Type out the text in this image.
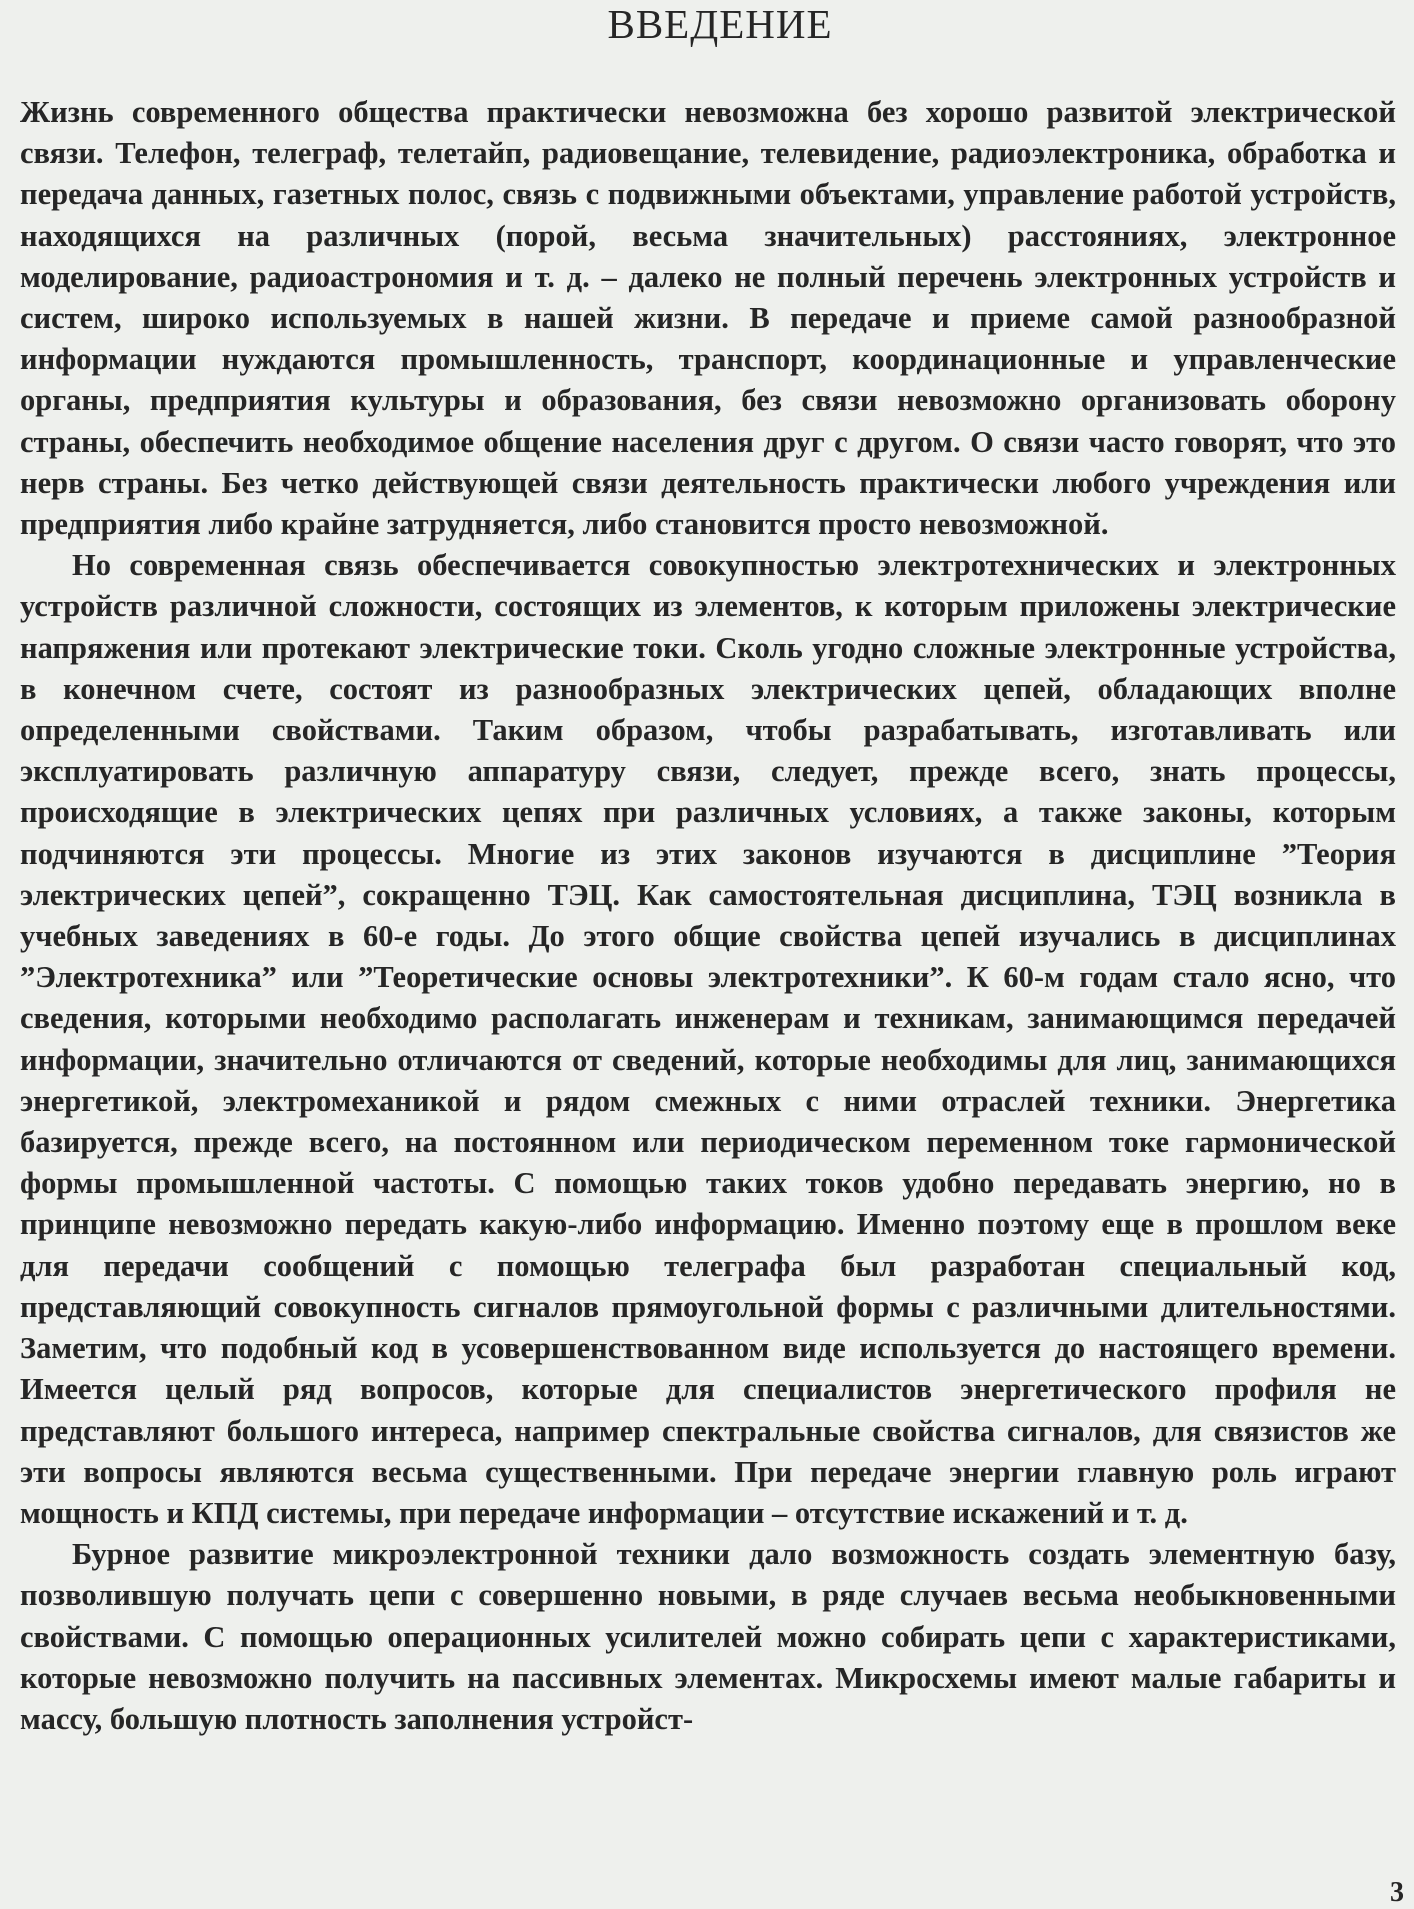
ВВЕДЕНИЕ

Жизнь современного общества практически невозможна без хорошо развитой электрической связи. Телефон, телеграф, телетайп, радиовещание, телевидение, радиоэлектроника, обработка и передача данных, газетных полос, связь с подвижными объектами, управление работой устройств, находящихся на различных (порой, весьма значительных) расстояниях, электронное моделирование, радиоастрономия и т. д. – далеко не полный перечень электронных устройств и систем, широко используемых в нашей жизни. В передаче и приеме самой разнообразной информации нуждаются промышленность, транспорт, координационные и управленческие органы, предприятия культуры и образования, без связи невозможно организовать оборону страны, обеспечить необходимое общение населения друг с другом. О связи часто говорят, что это нерв страны. Без четко действующей связи деятельность практически любого учреждения или предприятия либо крайне затрудняется, либо становится просто невозможной.

Но современная связь обеспечивается совокупностью электротехнических и электронных устройств различной сложности, состоящих из элементов, к которым приложены электрические напряжения или протекают электрические токи. Сколь угодно сложные электронные устройства, в конечном счете, состоят из разнообразных электрических цепей, обладающих вполне определенными свойствами. Таким образом, чтобы разрабатывать, изготавливать или эксплуатировать различную аппаратуру связи, следует, прежде всего, знать процессы, происходящие в электрических цепях при различных условиях, а также законы, которым подчиняются эти процессы. Многие из этих законов изучаются в дисциплине ”Теория электрических цепей”, сокращенно ТЭЦ. Как самостоятельная дисциплина, ТЭЦ возникла в учебных заведениях в 60-е годы. До этого общие свойства цепей изучались в дисциплинах ”Электротехника” или ”Теоретические основы электротехники”. К 60-м годам стало ясно, что сведения, которыми необходимо располагать инженерам и техникам, занимающимся передачей информации, значительно отличаются от сведений, которые необходимы для лиц, занимающихся энергетикой, электромеханикой и рядом смежных с ними отраслей техники. Энергетика базируется, прежде всего, на постоянном или периодическом переменном токе гармонической формы промышленной частоты. С помощью таких токов удобно передавать энергию, но в принципе невозможно передать какую-либо информацию. Именно поэтому еще в прошлом веке для передачи сообщений с помощью телеграфа был разработан специальный код, представляющий совокупность сигналов прямоугольной формы с различными длительностями. Заметим, что подобный код в усовершенствованном виде используется до настоящего времени. Имеется целый ряд вопросов, которые для специалистов энергетического профиля не представляют большого интереса, например спектральные свойства сигналов, для связистов же эти вопросы являются весьма существенными. При передаче энергии главную роль играют мощность и КПД системы, при передаче информации – отсутствие искажений и т. д.

Бурное развитие микроэлектронной техники дало возможность создать элементную базу, позволившую получать цепи с совершенно новыми, в ряде случаев весьма необыкновенными свойствами. С помощью операционных усилителей можно собирать цепи с характеристиками, которые невозможно получить на пассивных элементах. Микросхемы имеют малые габариты и массу, большую плотность заполнения устройст-

3
